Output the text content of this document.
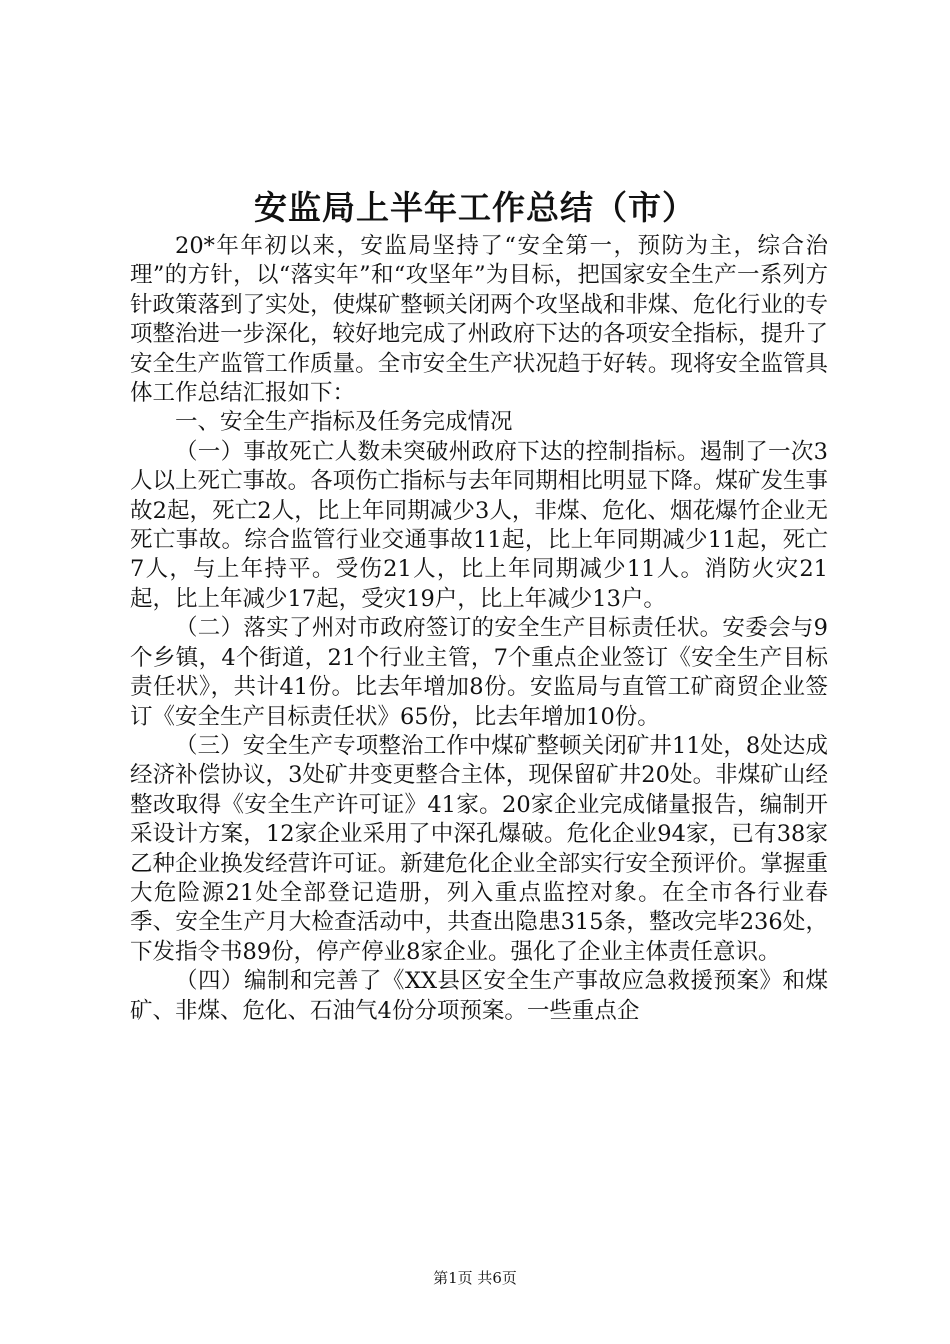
安监局上半年工作总结（市）

20*年年初以来，安监局坚持了“安全第一，预防为主，综合治理”的方针，以“落实年”和“攻坚年”为目标，把国家安全生产一系列方针政策落到了实处，使煤矿整顿关闭两个攻坚战和非煤、危化行业的专项整治进一步深化，较好地完成了州政府下达的各项安全指标，提升了安全生产监管工作质量。全市安全生产状况趋于好转。现将安全监管具体工作总结汇报如下：

一、安全生产指标及任务完成情况

（一）事故死亡人数未突破州政府下达的控制指标。遏制了一次3人以上死亡事故。各项伤亡指标与去年同期相比明显下降。煤矿发生事故2起，死亡2人，比上年同期减少3人，非煤、危化、烟花爆竹企业无死亡事故。综合监管行业交通事故11起，比上年同期减少11起，死亡7人，与上年持平。受伤21人，比上年同期减少11人。消防火灾21起，比上年减少17起，受灾19户，比上年减少13户。

（二）落实了州对市政府签订的安全生产目标责任状。安委会与9个乡镇，4个街道，21个行业主管，7个重点企业签订《安全生产目标责任状》，共计41份。比去年增加8份。安监局与直管工矿商贸企业签订《安全生产目标责任状》65份，比去年增加10份。

（三）安全生产专项整治工作中煤矿整顿关闭矿井11处，8处达成经济补偿协议，3处矿井变更整合主体，现保留矿井20处。非煤矿山经整改取得《安全生产许可证》41家。20家企业完成储量报告，编制开采设计方案，12家企业采用了中深孔爆破。危化企业94家，已有38家乙种企业换发经营许可证。新建危化企业全部实行安全预评价。掌握重大危险源21处全部登记造册，列入重点监控对象。在全市各行业春季、安全生产月大检查活动中，共查出隐患315条，整改完毕236处，下发指令书89份，停产停业8家企业。强化了企业主体责任意识。

（四）编制和完善了《XX县区安全生产事故应急救援预案》和煤矿、非煤、危化、石油气4份分项预案。一些重点企

第1页 共6页
